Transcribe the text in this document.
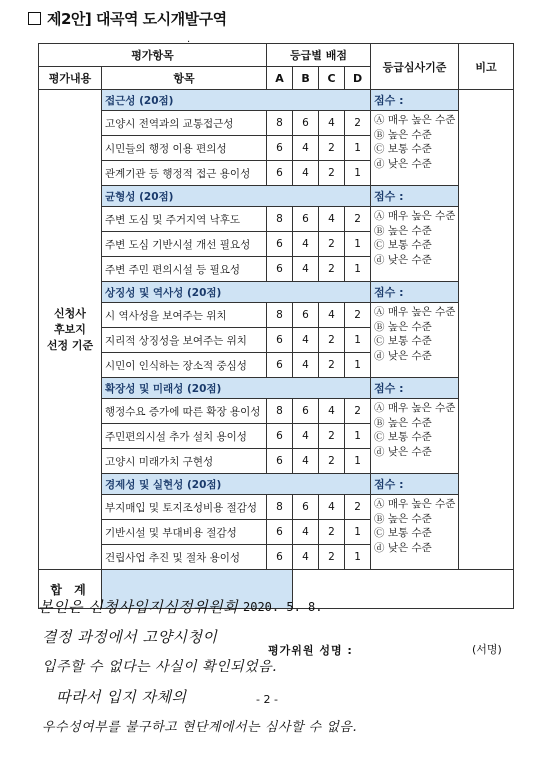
제2안] 대곡역 도시개발구역
.
평가항목		등급별 배점				등급심사기준	비고
평가내용	항목	A	B	C	D		

신청사
후보지
선정 기준	접근성 (20점)					점수 :	
	고양시 전역과의 교통접근성	8	6	4	2	Ⓐ 매우 높은 수준
Ⓑ 높은 수준
Ⓒ 보통 수준
ⓓ 낮은 수준	

	시민들의 행정 이용 편의성	6	4	2	1		
	관계기관 등 행정적 접근 용이성	6	4	2	1		
	균형성 (20점)					점수 :	
	주변 도심 및 주거지역 낙후도	8	6	4	2	Ⓐ 매우 높은 수준
Ⓑ 높은 수준
Ⓒ 보통 수준
ⓓ 낮은 수준	

	주변 도심 기반시설 개선 필요성	6	4	2	1		
	주변 주민 편의시설 등 필요성	6	4	2	1		
	상징성 및 역사성 (20점)					점수 :	
	시 역사성을 보여주는 위치	8	6	4	2	Ⓐ 매우 높은 수준
Ⓑ 높은 수준
Ⓒ 보통 수준
ⓓ 낮은 수준	

	지리적 상징성을 보여주는 위치	6	4	2	1		
	시민이 인식하는 장소적 중심성	6	4	2	1		
	확장성 및 미래성 (20점)					점수 :	
	행정수요 증가에 따른 확장 용이성	8	6	4	2	Ⓐ 매우 높은 수준
Ⓑ 높은 수준
Ⓒ 보통 수준
ⓓ 낮은 수준	

	주민편의시설 추가 설치 용이성	6	4	2	1		
	고양시 미래가치 구현성	6	4	2	1		
	경제성 및 실현성 (20점)					점수 :	
	부지매입 및 토지조성비용 절감성	8	6	4	2	Ⓐ 매우 높은 수준
Ⓑ 높은 수준
Ⓒ 보통 수준
ⓓ 낮은 수준	

	기반시설 및 부대비용 절감성	6	4	2	1		
	건립사업 추진 및 절차 용이성	6	4	2	1		
합 계							
본인은 신청사입지심정위원회 2020. 5. 8.
결정 과정에서 고양시청이
평가위원 성명 :	(서명)
입주할 수 없다는 사실이 확인되었음.
따라서 입지 자체의	- 2 -
우수성여부를 불구하고 현단계에서는 심사할 수 없음.
